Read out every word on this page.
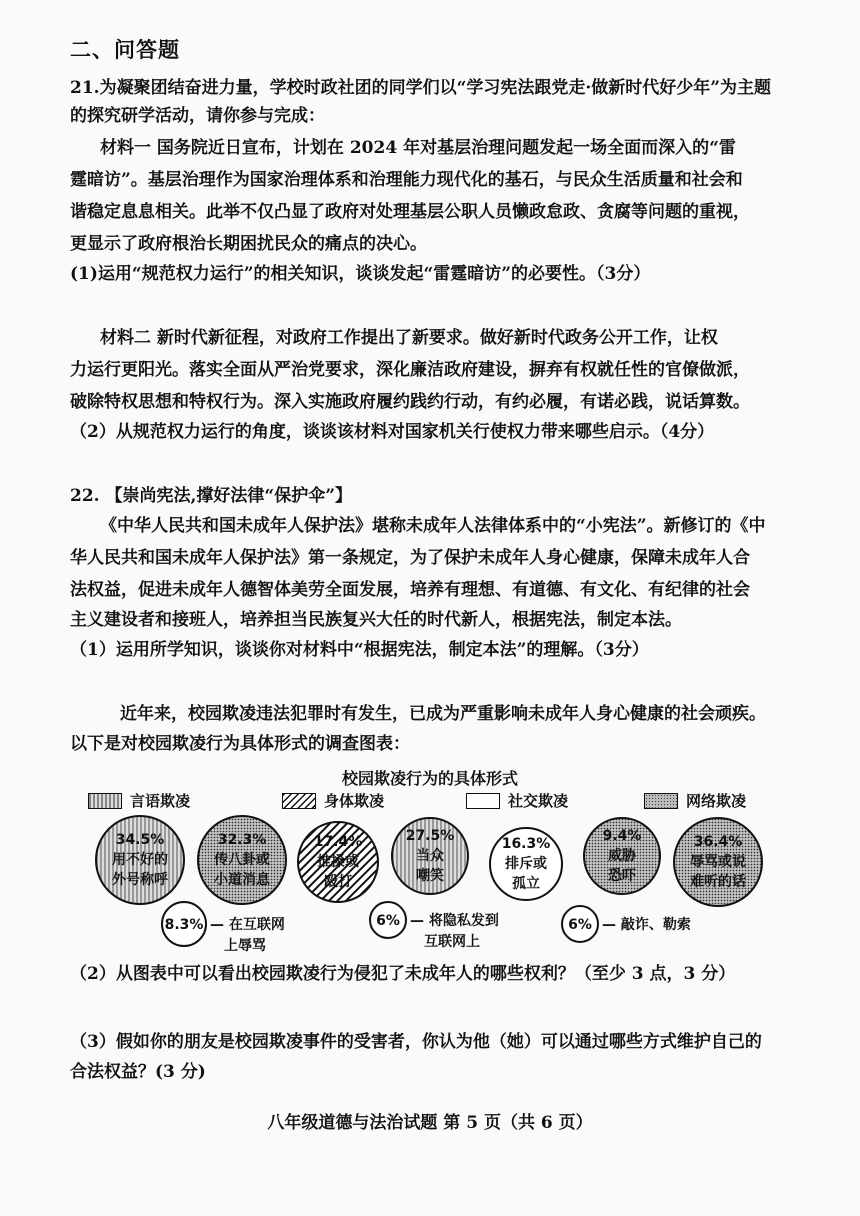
二、问答题
21.为凝聚团结奋进力量，学校时政社团的同学们以“学习宪法跟党走·做新时代好少年”为主题
的探究研学活动，请你参与完成：
材料一 国务院近日宣布，计划在 2024 年对基层治理问题发起一场全面而深入的“雷
霆暗访”。基层治理作为国家治理体系和治理能力现代化的基石，与民众生活质量和社会和
谐稳定息息相关。此举不仅凸显了政府对处理基层公职人员懒政怠政、贪腐等问题的重视，
更显示了政府根治长期困扰民众的痛点的决心。
(1)运用“规范权力运行”的相关知识，谈谈发起“雷霆暗访”的必要性。（3分）
材料二 新时代新征程，对政府工作提出了新要求。做好新时代政务公开工作，让权
力运行更阳光。落实全面从严治党要求，深化廉洁政府建设，摒弃有权就任性的官僚做派，
破除特权思想和特权行为。深入实施政府履约践约行动，有约必履，有诺必践，说话算数。
（2）从规范权力运行的角度，谈谈该材料对国家机关行使权力带来哪些启示。（4分）
22. 【崇尚宪法,撑好法律“保护伞”】
《中华人民共和国未成年人保护法》堪称未成年人法律体系中的“小宪法”。新修订的《中
华人民共和国未成年人保护法》第一条规定，为了保护未成年人身心健康，保障未成年人合
法权益，促进未成年人德智体美劳全面发展，培养有理想、有道德、有文化、有纪律的社会
主义建设者和接班人，培养担当民族复兴大任的时代新人，根据宪法，制定本法。
（1）运用所学知识，谈谈你对材料中“根据宪法，制定本法”的理解。（3分）
近年来，校园欺凌违法犯罪时有发生，已成为严重影响未成年人身心健康的社会顽疾。
以下是对校园欺凌行为具体形式的调查图表：
校园欺凌行为的具体形式
言语欺凌	身体欺凌	社交欺凌	网络欺凌
34.5%
用不好的
外号称呼
32.3%
传八卦或
小道消息
17.4%
推搡或
殴打
27.5%
当众
嘲笑
16.3%
排斥或
孤立
9.4%
威胁
恐吓
36.4%
辱骂或说
难听的话
8.3% — 在互联网
上辱骂
6% — 将隐私发到
互联网上
6% — 敲诈、勒索
（2）从图表中可以看出校园欺凌行为侵犯了未成年人的哪些权利？（至少 3 点，3 分）
（3）假如你的朋友是校园欺凌事件的受害者，你认为他（她）可以通过哪些方式维护自己的
合法权益？(3 分)
八年级道德与法治试题 第 5 页（共 6 页）
